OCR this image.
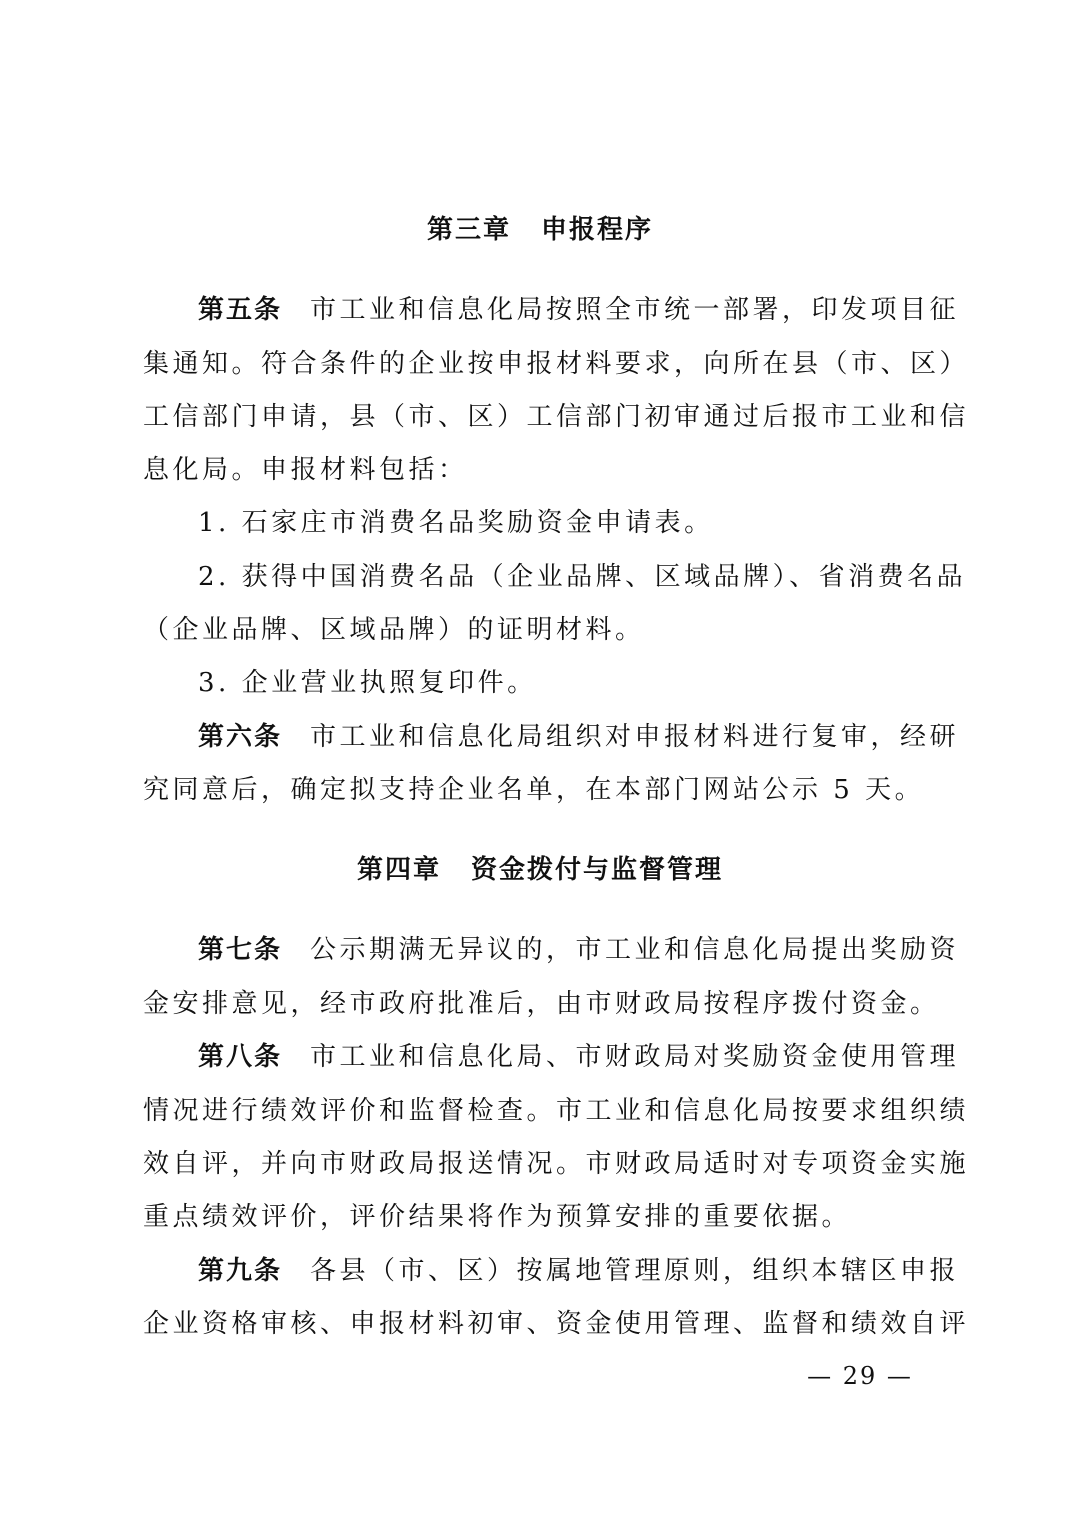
第三章 申报程序
第五条 市工业和信息化局按照全市统一部署，印发项目征
集通知。符合条件的企业按申报材料要求，向所在县（市、区）
工信部门申请，县（市、区）工信部门初审通过后报市工业和信
息化局。申报材料包括：
1. 石家庄市消费名品奖励资金申请表。
2. 获得中国消费名品（企业品牌、区域品牌）、省消费名品
（企业品牌、区域品牌）的证明材料。
3. 企业营业执照复印件。
第六条 市工业和信息化局组织对申报材料进行复审，经研
究同意后，确定拟支持企业名单，在本部门网站公示 5 天。
第四章 资金拨付与监督管理
第七条 公示期满无异议的，市工业和信息化局提出奖励资
金安排意见，经市政府批准后，由市财政局按程序拨付资金。
第八条 市工业和信息化局、市财政局对奖励资金使用管理
情况进行绩效评价和监督检查。市工业和信息化局按要求组织绩
效自评，并向市财政局报送情况。市财政局适时对专项资金实施
重点绩效评价，评价结果将作为预算安排的重要依据。
第九条 各县（市、区）按属地管理原则，组织本辖区申报
企业资格审核、申报材料初审、资金使用管理、监督和绩效自评
— 29 —
